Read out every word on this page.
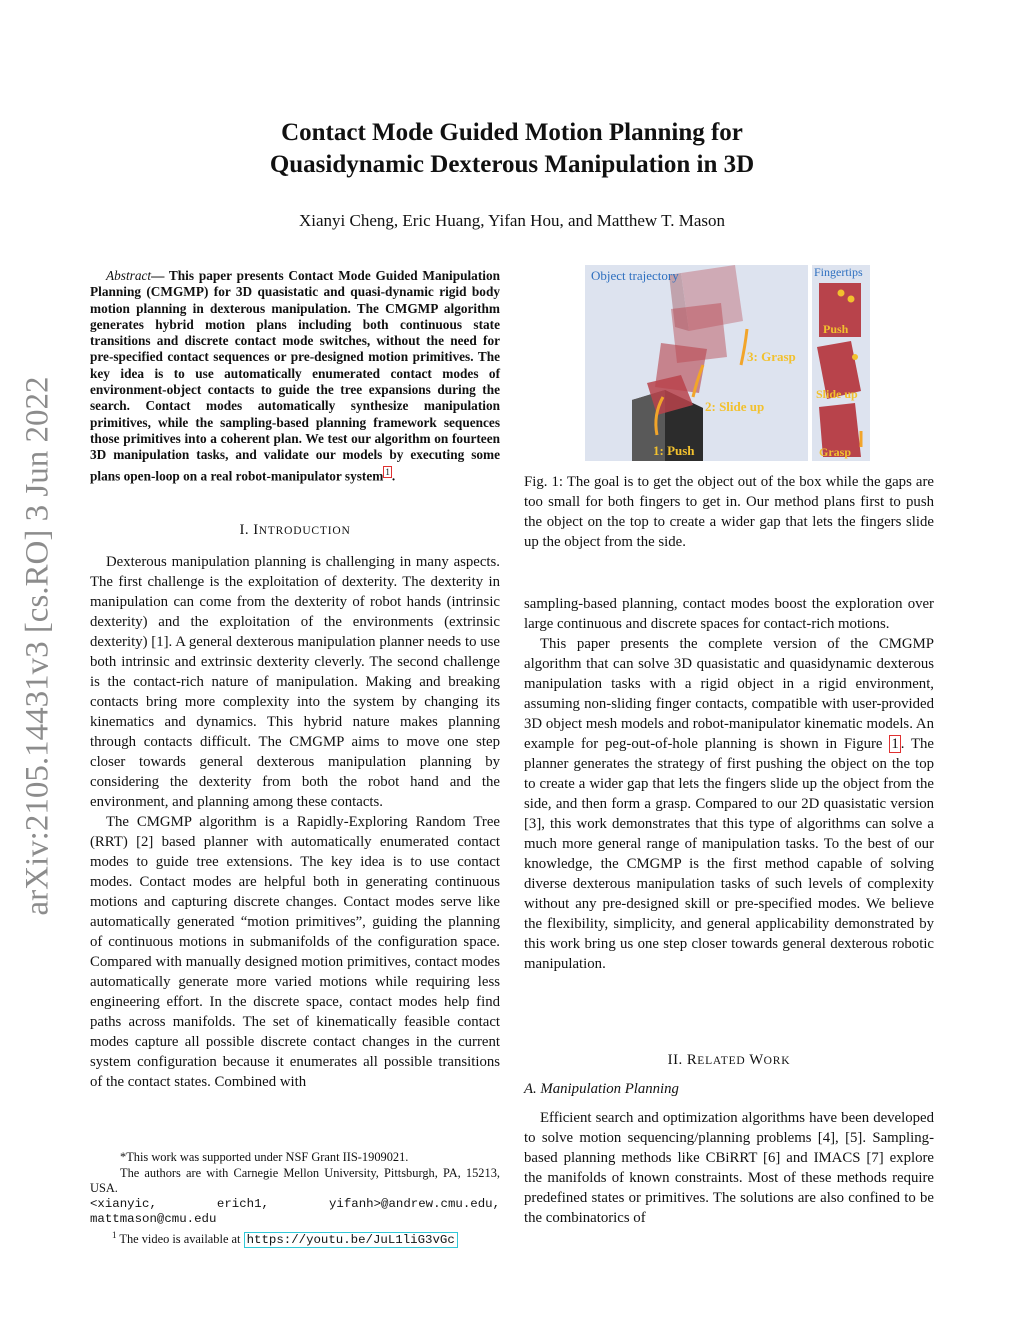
arXiv:2105.14431v3 [cs.RO] 3 Jun 2022
Contact Mode Guided Motion Planning for
Quasidynamic Dexterous Manipulation in 3D
Xianyi Cheng, Eric Huang, Yifan Hou, and Matthew T. Mason
Abstract— This paper presents Contact Mode Guided Manipulation Planning (CMGMP) for 3D quasistatic and quasi-dynamic rigid body motion planning in dexterous manipulation. The CMGMP algorithm generates hybrid motion plans including both continuous state transitions and discrete contact mode switches, without the need for pre-specified contact sequences or pre-designed motion primitives. The key idea is to use automatically enumerated contact modes of environment-object contacts to guide the tree expansions during the search. Contact modes automatically synthesize manipulation primitives, while the sampling-based planning framework sequences those primitives into a coherent plan. We test our algorithm on fourteen 3D manipulation tasks, and validate our models by executing some plans open-loop on a real robot-manipulator system $^1$ .
I. INTRODUCTION

Dexterous manipulation planning is challenging in many aspects. The first challenge is the exploitation of dexterity. The dexterity in manipulation can come from the dexterity of robot hands (intrinsic dexterity) and the exploitation of the environments (extrinsic dexterity) [1]. A general dexterous manipulation planner needs to use both intrinsic and extrinsic dexterity cleverly. The second challenge is the contact-rich nature of manipulation. Making and breaking contacts bring more complexity into the system by changing its kinematics and dynamics. This hybrid nature makes planning through contacts difficult. The CMGMP aims to move one step closer towards general dexterous manipulation planning by considering the dexterity from both the robot hand and the environment, and planning among these contacts.

The CMGMP algorithm is a Rapidly-Exploring Random Tree (RRT) [2] based planner with automatically enumerated contact modes to guide tree extensions. The key idea is to use contact modes. Contact modes are helpful both in generating continuous motions and capturing discrete changes. Contact modes serve like automatically generated “motion primitives”, guiding the planning of continuous motions in submanifolds of the configuration space. Compared with manually designed motion primitives, contact modes automatically generate more varied motions while requiring less engineering effort. In the discrete space, contact modes help find paths across manifolds. The set of kinematically feasible contact modes capture all possible discrete contact changes in the current system configuration because it enumerates all possible transitions of the contact states. Combined with

*This work was supported under NSF Grant IIS-1909021.
The authors are with Carnegie Mellon University, Pittsburgh, PA, 15213, USA.
<xianyic, erich1, yifanh>@andrew.cmu.edu, mattmason@cmu.edu
$^1$ The video is available at https://youtu.be/JuL1liG3vGc
Object trajectory	Fingertips
1: Push
2: Slide up
3: Grasp
Push
Slide up
Grasp
Fig. 1: The goal is to get the object out of the box while the gaps are too small for both fingers to get in. Our method plans first to push the object on the top to create a wider gap that lets the fingers slide up the object from the side.

sampling-based planning, contact modes boost the exploration over large continuous and discrete spaces for contact-rich motions.

This paper presents the complete version of the CMGMP algorithm that can solve 3D quasistatic and quasidynamic dexterous manipulation tasks with a rigid object in a rigid environment, assuming non-sliding finger contacts, compatible with user-provided 3D object mesh models and robot-manipulator kinematic models. An example for peg-out-of-hole planning is shown in Figure 1 . The planner generates the strategy of first pushing the object on the top to create a wider gap that lets the fingers slide up the object from the side, and then form a grasp. Compared to our 2D quasistatic version [3], this work demonstrates that this type of algorithms can solve a much more general range of manipulation tasks. To the best of our knowledge, the CMGMP is the first method capable of solving diverse dexterous manipulation tasks of such levels of complexity without any pre-designed skill or pre-specified modes. We believe the flexibility, simplicity, and general applicability demonstrated by this work bring us one step closer towards general dexterous robotic manipulation.

II. RELATED WORK
A. Manipulation Planning

Efficient search and optimization algorithms have been developed to solve motion sequencing/planning problems [4], [5]. Sampling-based planning methods like CBiRRT [6] and IMACS [7] explore the manifolds of known constraints. Most of these methods require predefined states or primitives. The solutions are also confined to be the combinatorics of
